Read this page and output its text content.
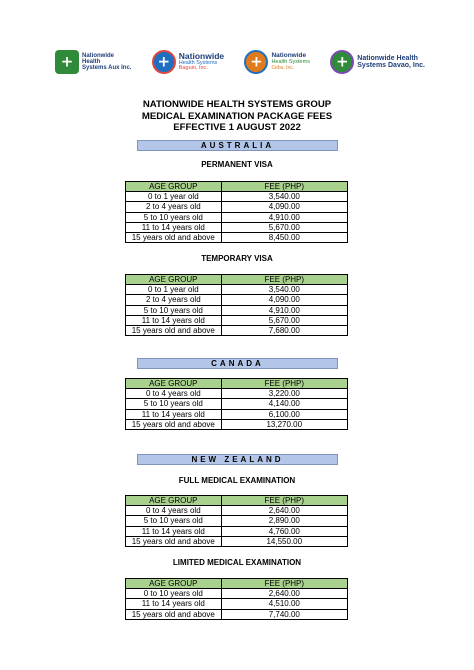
+ Nationwide
Health
Systems Aux Inc. + Nationwide
Health Systems
Baguio, Inc.	+ Nationwide
Health Systems
Cebu, Inc.	+ Nationwide Health
Systems Davao, Inc.
NATIONWIDE HEALTH SYSTEMS GROUP
MEDICAL EXAMINATION PACKAGE FEES
EFFECTIVE 1 AUGUST 2022
AUSTRALIA
PERMANENT VISA
AGE GROUP	FEE (PHP)
0 to 1 year old	3,540.00
2 to 4 years old	4,090.00
5 to 10 years old	4,910.00
11 to 14 years old	5,670.00
15 years old and above	8,450.00
TEMPORARY VISA
AGE GROUP	FEE (PHP)
0 to 1 year old	3,540.00
2 to 4 years old	4,090.00
5 to 10 years old	4,910.00
11 to 14 years old	5,670.00
15 years old and above	7,680.00
CANADA
AGE GROUP	FEE (PHP)
0 to 4 years old	3,220.00
5 to 10 years old	4,140.00
11 to 14 years old	6,100.00
15 years old and above	13,270.00
NEW ZEALAND
FULL MEDICAL EXAMINATION
AGE GROUP	FEE (PHP)
0 to 4 years old	2,640.00
5 to 10 years old	2,890.00
11 to 14 years old	4,760.00
15 years old and above	14,550.00
LIMITED MEDICAL EXAMINATION
AGE GROUP	FEE (PHP)
0 to 10 years old	2,640.00
11 to 14 years old	4,510.00
15 years old and above	7,740.00
